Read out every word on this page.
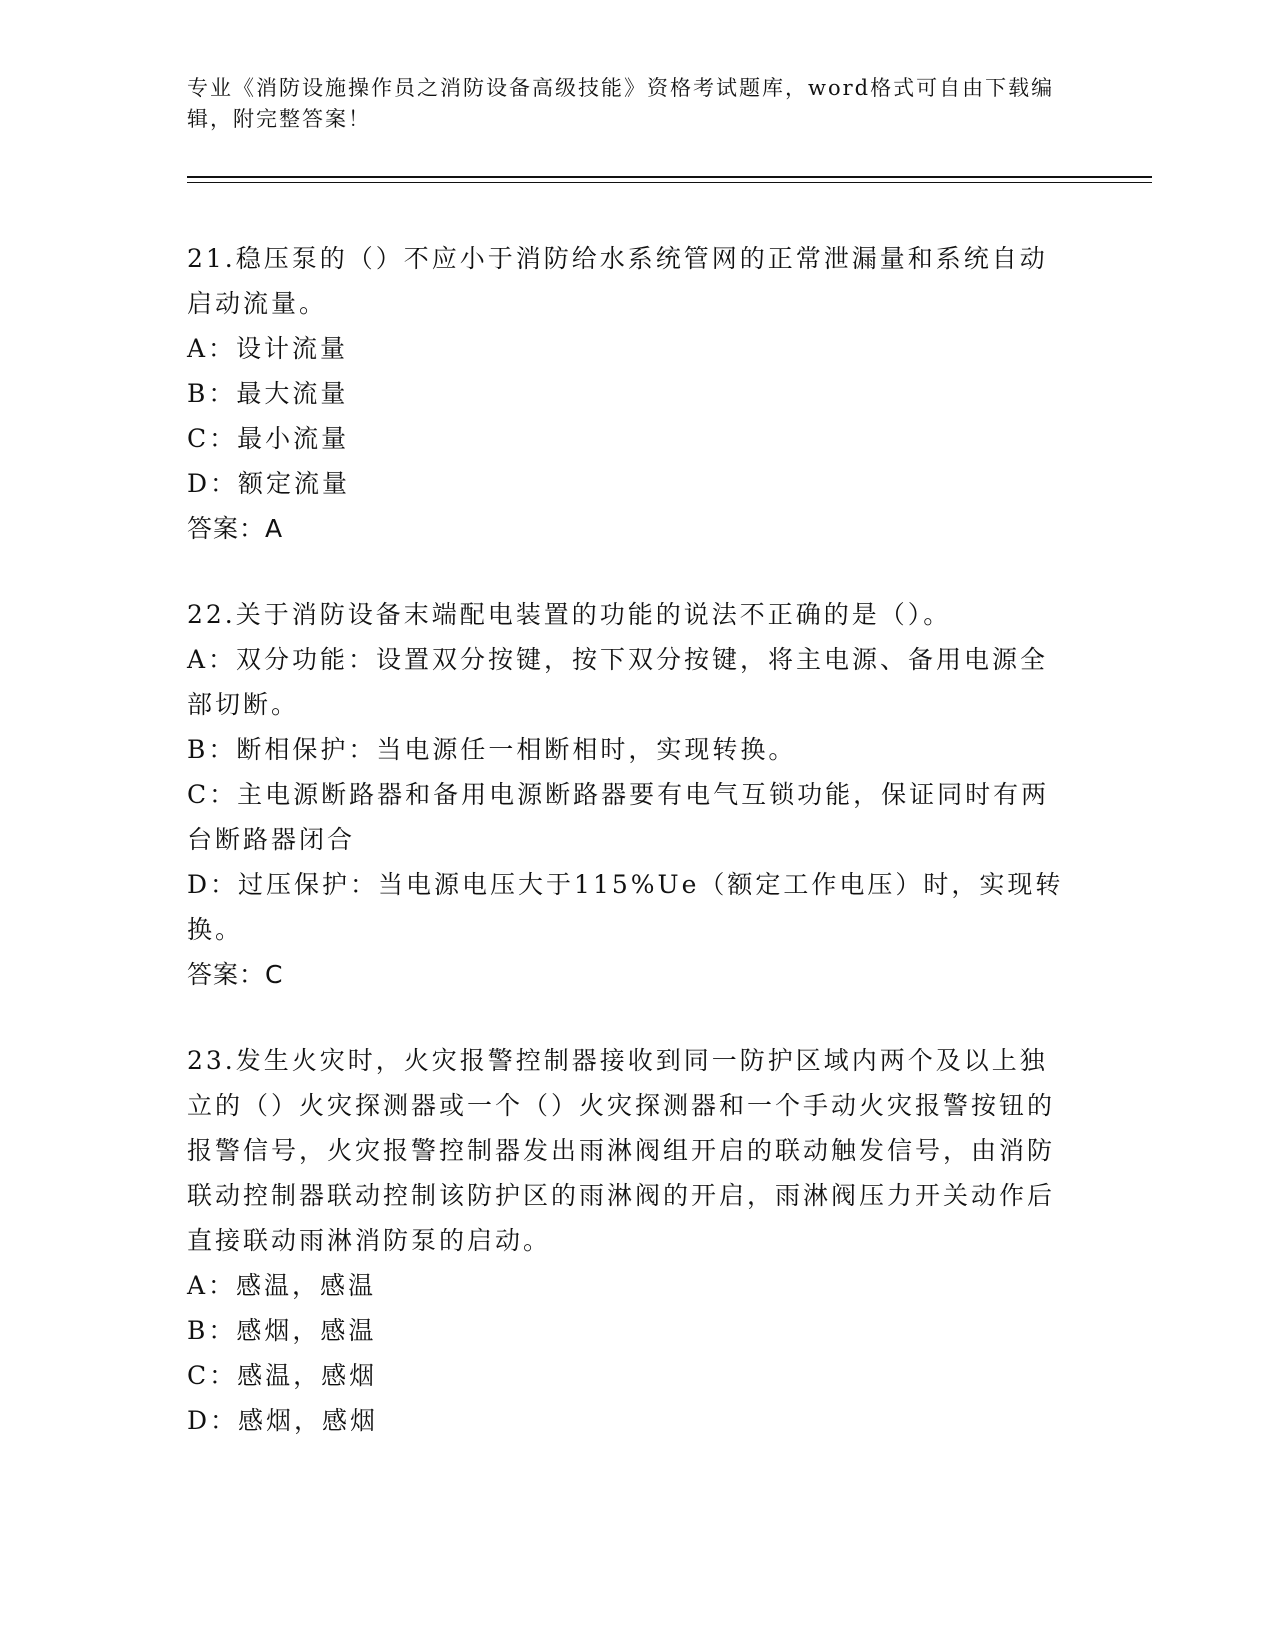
专业《消防设施操作员之消防设备高级技能》资格考试题库，word格式可自由下载编辑，附完整答案！
21.稳压泵的（）不应小于消防给水系统管网的正常泄漏量和系统自动启动流量。
A：设计流量
B：最大流量
C：最小流量
D：额定流量
答案：A
22.关于消防设备末端配电装置的功能的说法不正确的是（）。
A：双分功能：设置双分按键，按下双分按键，将主电源、备用电源全部切断。
B：断相保护：当电源任一相断相时，实现转换。
C：主电源断路器和备用电源断路器要有电气互锁功能，保证同时有两台断路器闭合
D：过压保护：当电源电压大于115%Ue（额定工作电压）时，实现转换。
答案：C
23.发生火灾时，火灾报警控制器接收到同一防护区域内两个及以上独立的（）火灾探测器或一个（）火灾探测器和一个手动火灾报警按钮的报警信号，火灾报警控制器发出雨淋阀组开启的联动触发信号，由消防联动控制器联动控制该防护区的雨淋阀的开启，雨淋阀压力开关动作后直接联动雨淋消防泵的启动。
A：感温，感温
B：感烟，感温
C：感温，感烟
D：感烟，感烟
